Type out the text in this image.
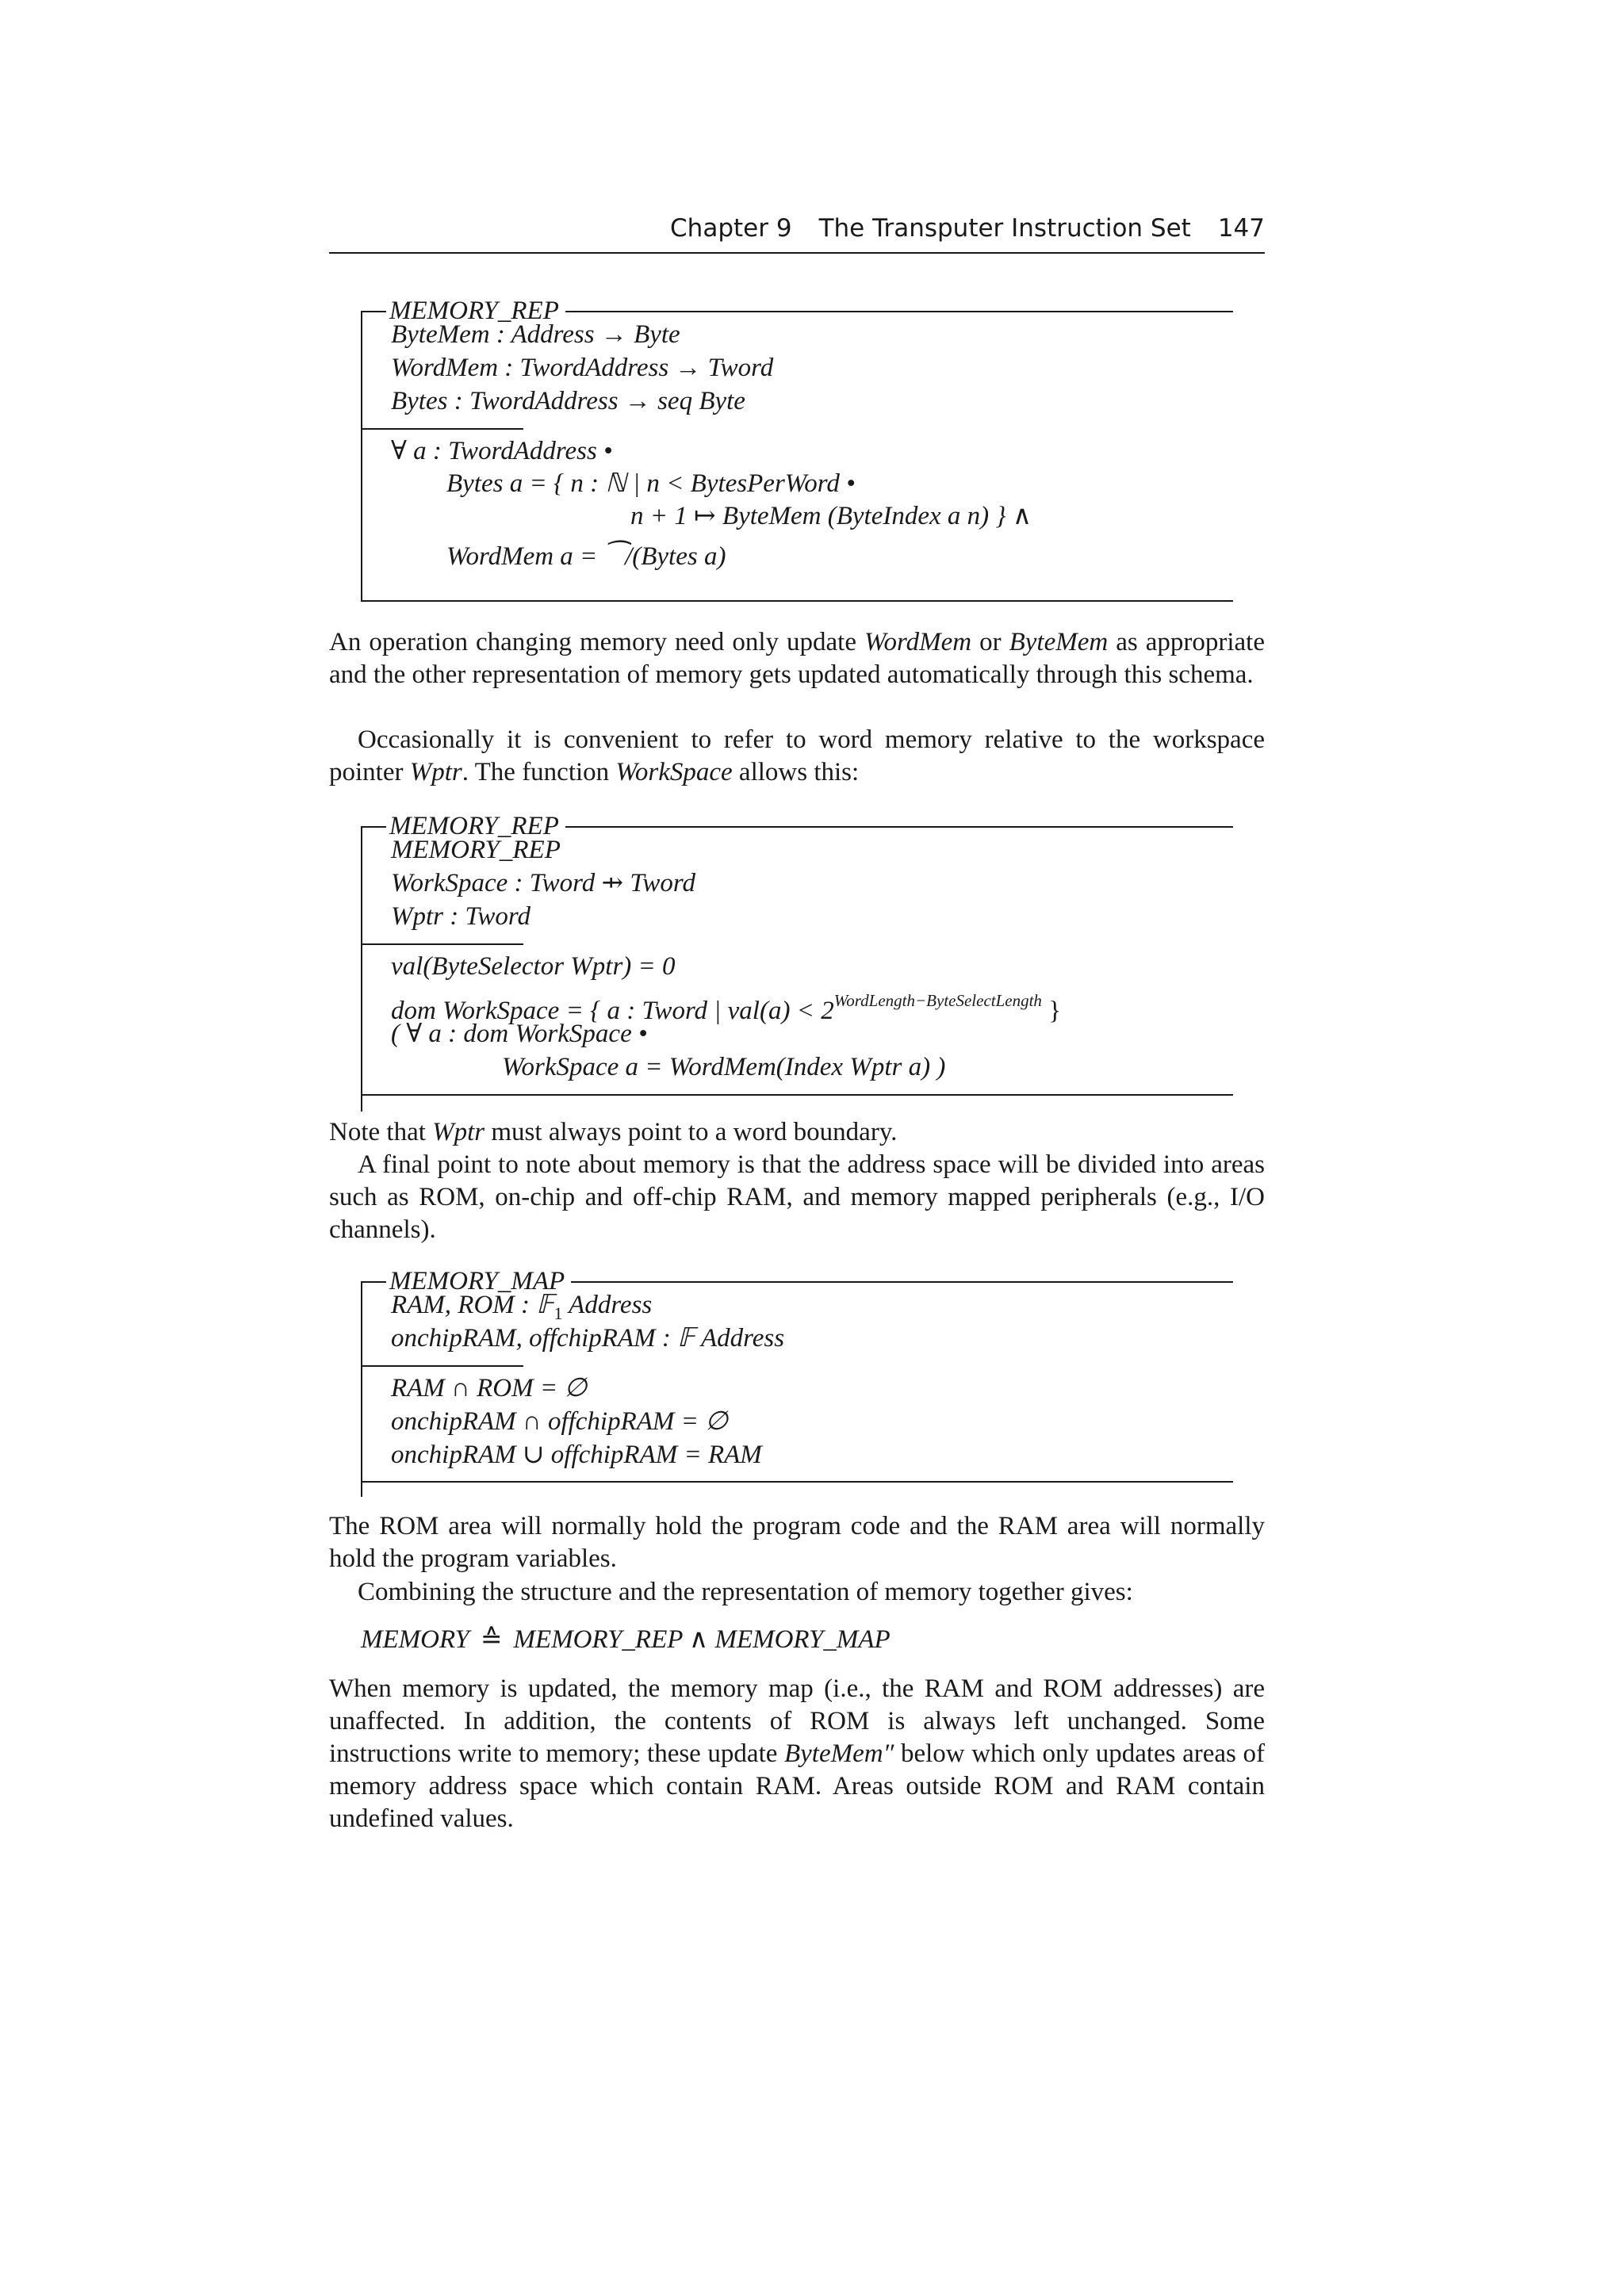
Chapter 9 The Transputer Instruction Set 147
MEMORY_REP
ByteMem : Address → Byte
WordMem : TwordAddress → Tword
Bytes : TwordAddress → seq Byte
∀ a : TwordAddress •
Bytes a = { n : ℕ | n < BytesPerWord •
n + 1 ↦ ByteMem (ByteIndex a n) } ∧
WordMem a = ⁀/(Bytes a)

An operation changing memory need only update WordMem or ByteMem as appropriate and the other representation of memory gets updated automatically through this schema.

Occasionally it is convenient to refer to word memory relative to the workspace pointer Wptr. The function WorkSpace allows this:

MEMORY_REP
MEMORY_REP
WorkSpace : Tword ⇸ Tword
Wptr : Tword
val(ByteSelector Wptr) = 0
dom WorkSpace = { a : Tword | $val(a) < 2^{WordLength-ByteSelectLength}$ }
( ∀ a : dom WorkSpace •
WorkSpace a = WordMem(Index Wptr a) )

Note that Wptr must always point to a word boundary.

A final point to note about memory is that the address space will be divided into areas such as ROM, on-chip and off-chip RAM, and memory mapped peripherals (e.g., I/O channels).

MEMORY_MAP
RAM, ROM : 𝔽$_1$ Address
onchipRAM, offchipRAM : 𝔽 Address
RAM ∩ ROM = ∅
onchipRAM ∩ offchipRAM = ∅
onchipRAM ∪ offchipRAM = RAM

The ROM area will normally hold the program code and the RAM area will normally hold the program variables.

Combining the structure and the representation of memory together gives:

MEMORY ≙ MEMORY_REP ∧ MEMORY_MAP

When memory is updated, the memory map (i.e., the RAM and ROM addresses) are unaffected. In addition, the contents of ROM is always left unchanged. Some instructions write to memory; these update ByteMem″ below which only updates areas of memory address space which contain RAM. Areas outside ROM and RAM contain undefined values.
